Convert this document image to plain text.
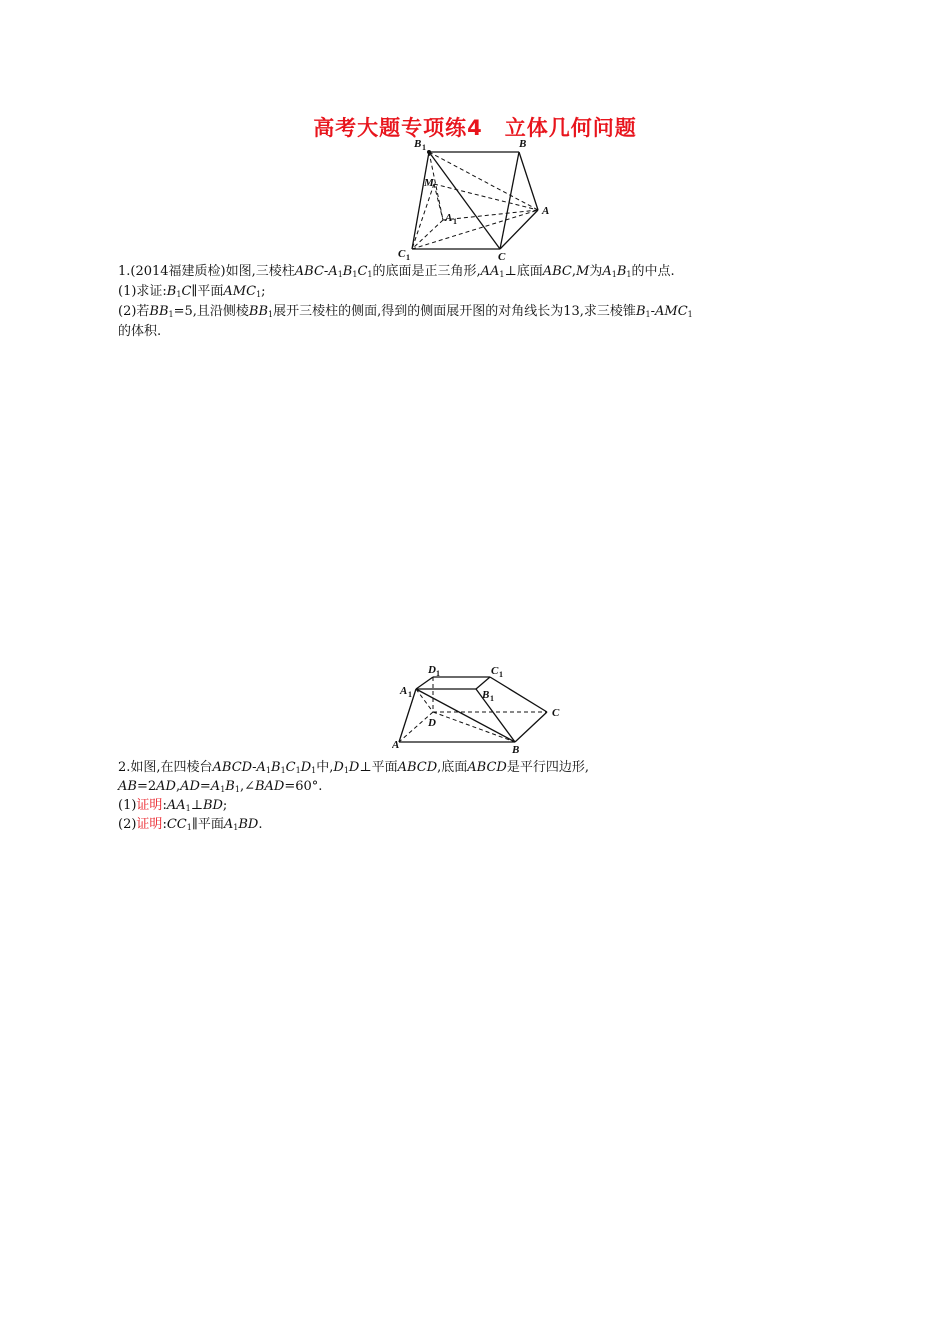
高考大题专项练4　立体几何问题
B 1	B
M
A 1
A
C 1	C
1.(2014福建质检)如图,三棱柱ABC-$A_1B_1C_1$的底面是正三角形$,AA_1\perp$底面ABC,M为$A_1B_1$的中点.
(1)求证$:B_1C\parallel$平面$AMC_1$;
(2)若$BB_1=5$,且沿侧棱$BB_1$展开三棱柱的侧面,得到的侧面展开图的对角线长为13,求三棱锥$B_1-AMC_1$
的体积.
D 1	C 1
A 1	B 1
D
C
A	B
2.如图,在四棱台ABCD-$A_1B_1C_1D_1$中$,D_1D\perp$平面ABCD,底面ABCD是平行四边形,
$AB=2AD,AD=A_1B_1,\angle BAD=60^\circ$.
(1)证明$:AA_1\perp BD$;
(2)证明$:CC_1\parallel$平面$A_1BD$.
